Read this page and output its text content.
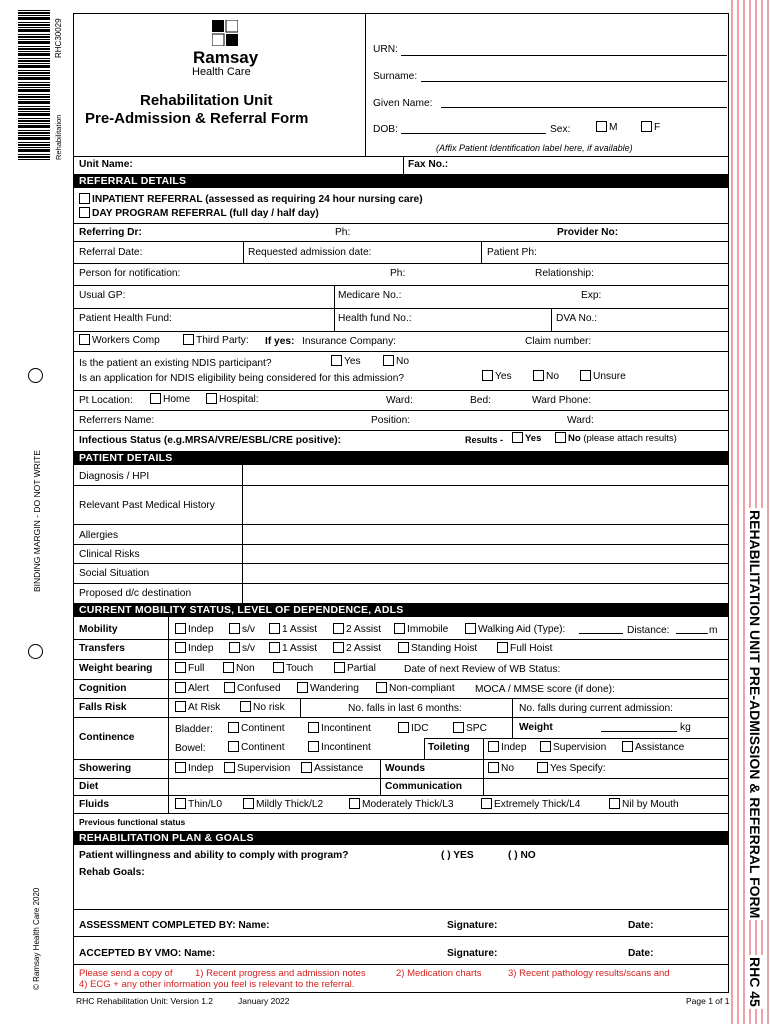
RHC30029
Rehabilitation
BINDING MARGIN - DO NOT WRITE
© Ramsay Health Care 2020
REHABILITATION UNIT PRE-ADMISSION & REFERRAL FORM
RHC 45
Ramsay
Health Care
Rehabilitation Unit
Pre-Admission & Referral Form
URN:
Surname:
Given Name:
DOB:	Sex:	M	F
(Affix Patient Identification label here, if available)
Unit Name:	Fax No.:
REFERRAL DETAILS
INPATIENT REFERRAL (assessed as requiring 24 hour nursing care)
DAY PROGRAM REFERRAL (full day / half day)
Referring Dr:	Ph:	Provider No:
Referral Date:	Requested admission date:	Patient Ph:
Person for notification:	Ph:	Relationship:
Usual GP:	Medicare No.:	Exp:
Patient Health Fund:	Health fund No.:	DVA No.:
Workers Comp	Third Party: If yes: Insurance Company:	Claim number:
Is the patient an existing NDIS participant?	Yes	No
Is an application for NDIS eligibility being considered for this admission?	Yes	No	Unsure
Pt Location:	Home	Hospital:	Ward:	Bed:	Ward Phone:
Referrers Name:	Position:	Ward:
Infectious Status (e.g.MRSA/VRE/ESBL/CRE positive):	Results -	Yes	No (please attach results)
PATIENT DETAILS
Diagnosis / HPI
Relevant Past Medical History
Allergies
Clinical Risks
Social Situation
Proposed d/c destination
CURRENT MOBILITY STATUS, LEVEL OF DEPENDENCE, ADLS
Mobility	Indep	s/v	1 Assist	2 Assist	Immobile	Walking Aid (Type):	Distance:	m
Transfers	Indep	s/v	1 Assist	2 Assist	Standing Hoist	Full Hoist
Weight bearing	Full	Non	Touch	Partial	Date of next Review of WB Status:
Cognition	Alert	Confused	Wandering	Non-compliant MOCA / MMSE score (if done):
Falls Risk	At Risk	No risk	No. falls in last 6 months:	No. falls during current admission:
Continence
Bladder:	Continent	Incontinent	IDC	SPC	Weight	kg
Bowel:	Continent	Incontinent	Toileting	Indep	Supervision	Assistance
Showering	Indep	Supervision	Assistance Wounds	No	Yes Specify:
Diet	Communication
Fluids	Thin/L0	Mildly Thick/L2	Moderately Thick/L3	Extremely Thick/L4	Nil by Mouth
Previous functional status
REHABILITATION PLAN & GOALS
Patient willingness and ability to comply with program?	( ) YES	( ) NO
Rehab Goals:
ASSESSMENT COMPLETED BY: Name:	Signature:	Date:
ACCEPTED BY VMO: Name:	Signature:	Date:
Please send a copy of 1) Recent progress and admission notes	2) Medication charts	3) Recent pathology results/scans and
4) ECG + any other information you feel is relevant to the referral.
RHC Rehabilitation Unit: Version 1.2	January 2022	Page 1 of 1
